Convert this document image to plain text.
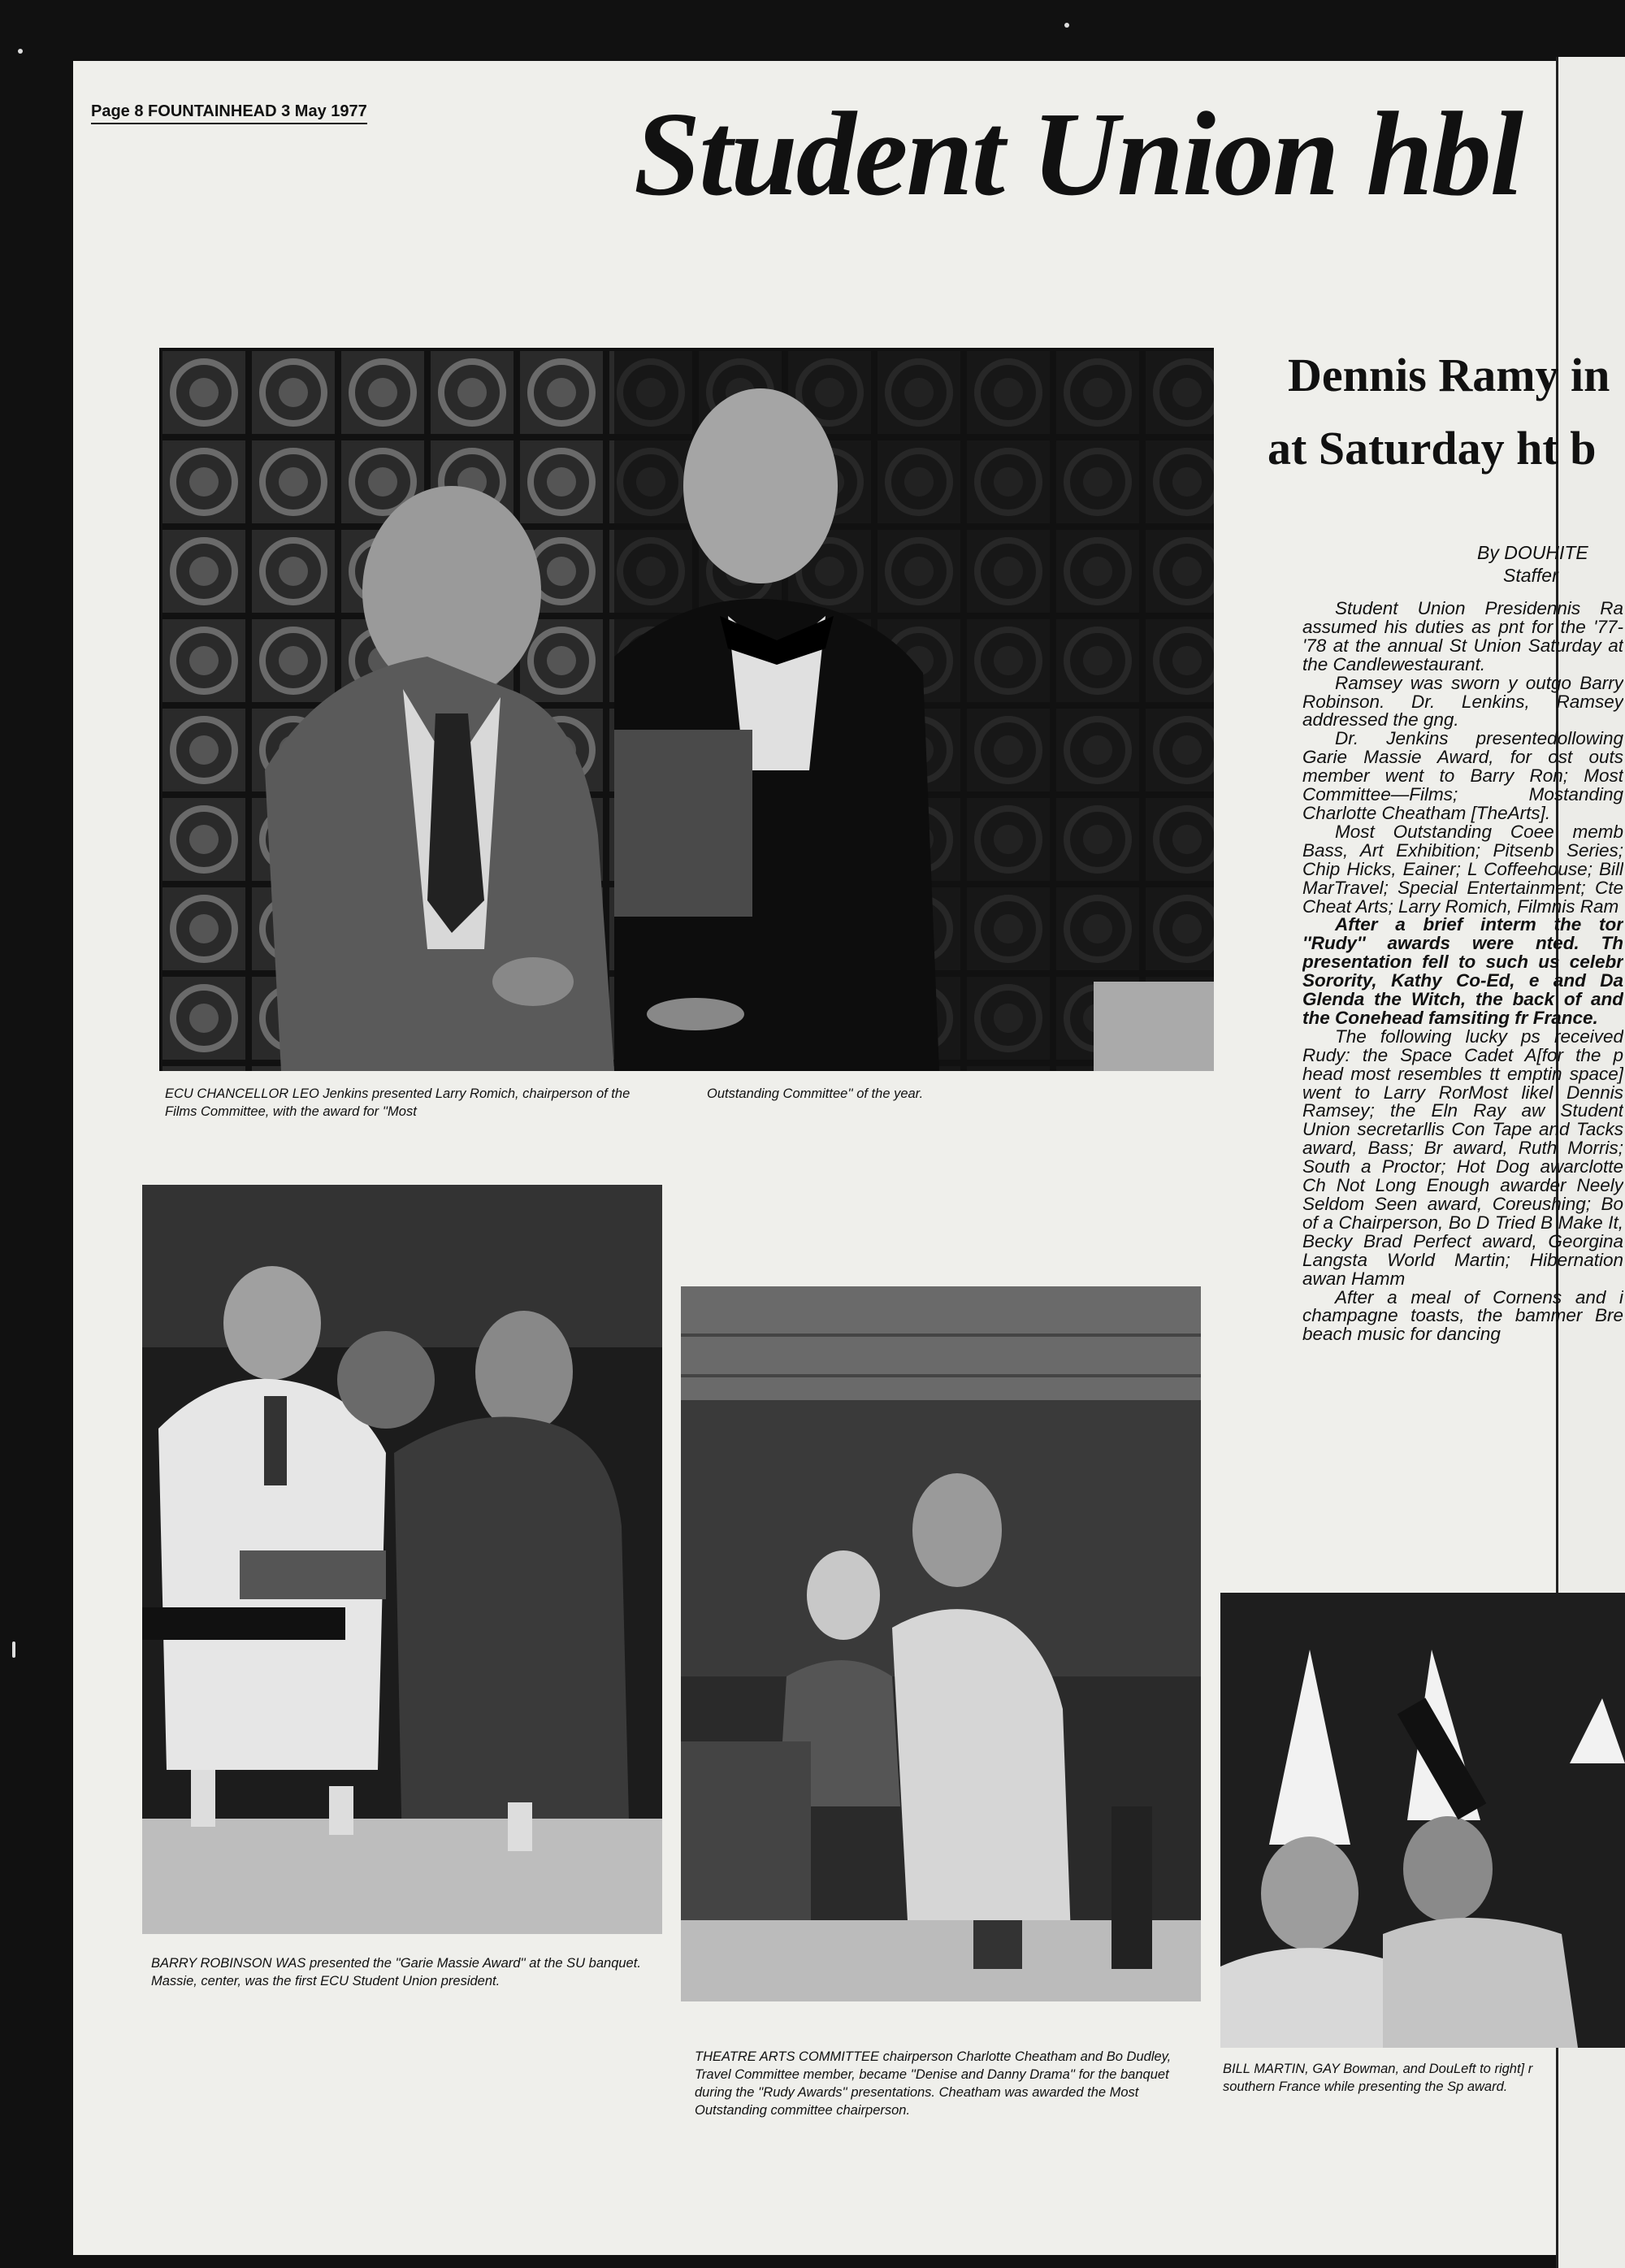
Page 8 FOUNTAINHEAD 3 May 1977 Student Union hbl
Dennis Ramy in
at Saturday ht b
By DOUHITE
Staffer

Student Union Presidennis Ra assumed his duties as pnt for the '77-'78 at the annual St Union Saturday at the Candlewestaurant.

Ramsey was sworn y outgo Barry Robinson. Dr. Lenkins, Ramsey addressed the gng.

Dr. Jenkins presentedollowing Garie Massie Award, for ost outs member went to Barry Ron; Most Committee—Films; Mostanding Charlotte Cheatham [TheArts].

Most Outstanding Coee memb Bass, Art Exhibition; Pitsenb Series; Chip Hicks, Eainer; L Coffeehouse; Bill MarTravel; Special Entertainment; Cte Cheat Arts; Larry Romich, Filmnis Ram

After a brief interm the tor ''Rudy'' awards were nted. Th presentation fell to such us celebr Sorority, Kathy Co-Ed, e and Da Glenda the Witch, the back of and the Conehead famsiting fr France.

The following lucky ps received Rudy: the Space Cadet A[for the p head most resembles tt emptin space] went to Larry RorMost likel Dennis Ramsey; the Eln Ray aw Student Union secretarllis Con Tape and Tacks award, Bass; Br award, Ruth Morris; South a Proctor; Hot Dog awarclotte Ch Not Long Enough awarder Neely Seldom Seen award, Coreushing; Bo of a Chairperson, Bo D Tried B Make It, Becky Brad Perfect award, Georgina Langsta World Martin; Hibernation awan Hamm

After a meal of Cornens and i champagne toasts, the bammer Bre beach music for dancing

ECU CHANCELLOR LEO Jenkins presented Larry Romich, chairperson of the Films Committee, with the award for ''Most
Outstanding Committee'' of the year.
BARRY ROBINSON WAS presented the ''Garie Massie Award'' at the SU banquet. Massie, center, was the first ECU Student Union president.
THEATRE ARTS COMMITTEE chairperson Charlotte Cheatham and Bo Dudley, Travel Committee member, became ''Denise and Danny Drama'' for the banquet during the ''Rudy Awards'' presentations. Cheatham was awarded the Most Outstanding committee chairperson.
BILL MARTIN, GAY Bowman, and DouLeft to right] r
southern France while presenting the Sp award.
